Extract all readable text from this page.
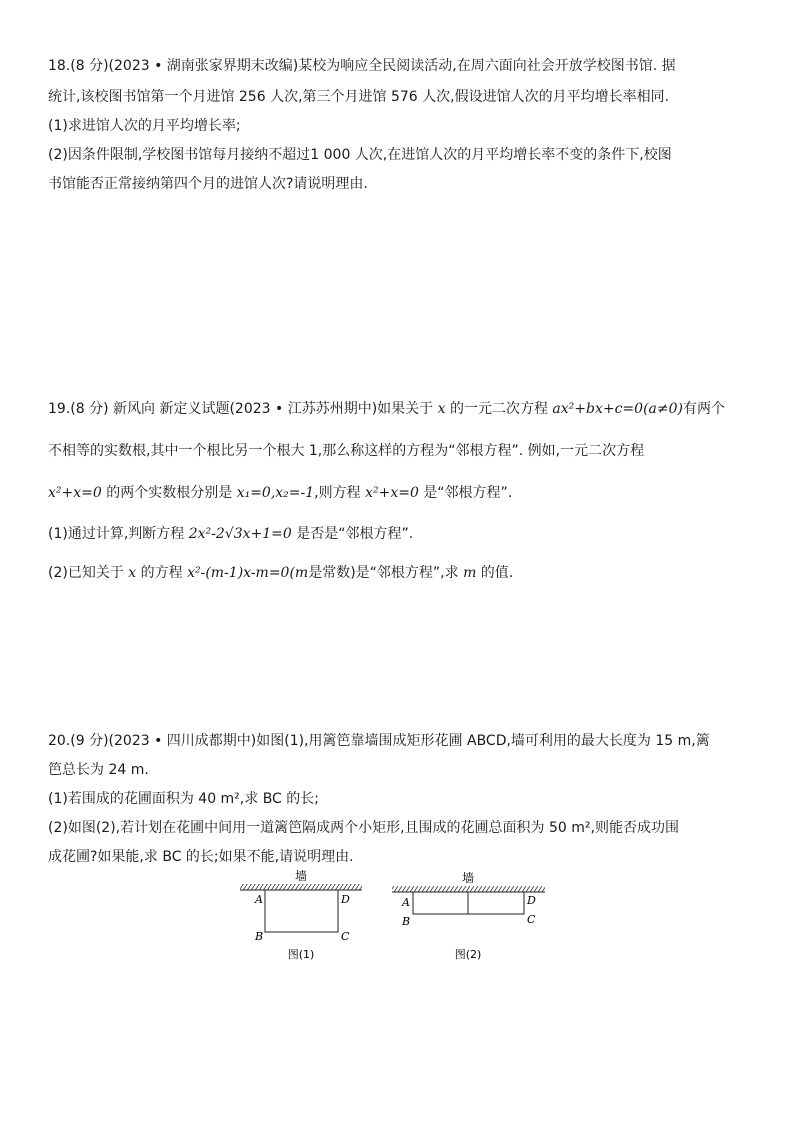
18.(8 分)(2023 • 湖南张家界期末改编)某校为响应全民阅读活动,在周六面向社会开放学校图书馆. 据
统计,该校图书馆第一个月进馆 256 人次,第三个月进馆 576 人次,假设进馆人次的月平均增长率相同.
(1)求进馆人次的月平均增长率;
(2)因条件限制,学校图书馆每月接纳不超过1 000 人次,在进馆人次的月平均增长率不变的条件下,校图
书馆能否正常接纳第四个月的进馆人次?请说明理由.
19.(8 分) 新风向 新定义试题(2023 • 江苏苏州期中)如果关于 x 的一元二次方程 ax²+bx+c=0(a≠0)有两个
不相等的实数根,其中一个根比另一个根大 1,那么称这样的方程为“邻根方程”. 例如,一元二次方程
x²+x=0 的两个实数根分别是 x₁=0,x₂=-1,则方程 x²+x=0 是“邻根方程”.
(1)通过计算,判断方程 2x²-2√3x+1=0 是否是“邻根方程”.
(2)已知关于 x 的方程 x²-(m-1)x-m=0(m是常数)是“邻根方程”,求 m 的值.
20.(9 分)(2023 • 四川成都期中)如图(1),用篱笆靠墙围成矩形花圃 ABCD,墙可利用的最大长度为 15 m,篱
笆总长为 24 m.
(1)若围成的花圃面积为 40 m²,求 BC 的长;
(2)如图(2),若计划在花圃中间用一道篱笆隔成两个小矩形,且围成的花圃总面积为 50 m²,则能否成功围
成花圃?如果能,求 BC 的长;如果不能,请说明理由.
墙
A
B	C
D
图(1)
墙
A
B	C
D
图(2)
